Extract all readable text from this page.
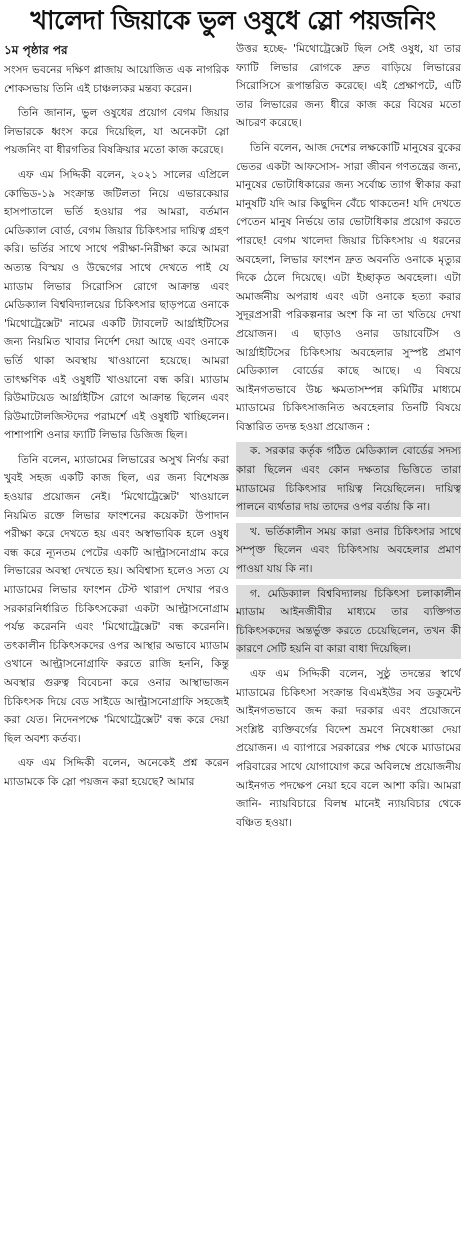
খালেদা জিয়াকে ভুল ওষুধে স্লো পয়জনিং
১ম পৃষ্ঠার পর

সংসদ ভবনের দক্ষিণ প্লাজায় আয়োজিত এক নাগরিক শোকসভায় তিনি এই চাঞ্চল্যকর মন্তব্য করেন।

তিনি জানান, ভুল ওষুধের প্রয়োগ বেগম জিয়ার লিভারকে ধ্বংস করে দিয়েছিল, যা অনেকটা স্লো পয়জনিং বা ধীরগতির বিষক্রিয়ার মতো কাজ করেছে।

এফ এম সিদ্দিকী বলেন, ২০২১ সালের এপ্রিলে কোভিড-১৯ সংক্রান্ত জটিলতা নিয়ে এভারকেয়ার হাসপাতালে ভর্তি হওয়ার পর আমরা, বর্তমান মেডিক্যাল বোর্ড, বেগম জিয়ার চিকিৎসার দায়িত্ব গ্রহণ করি। ভর্তির সাথে সাথে পরীক্ষা-নিরীক্ষা করে আমরা অত্যন্ত বিস্ময় ও উদ্বেগের সাথে দেখতে পাই যে ম্যাডাম লিভার সিরোসিস রোগে আক্রান্ত এবং মেডিক্যাল বিশ্ববিদ্যালয়ের চিকিৎসার ছাড়পত্রে ওনাকে 'মিথোট্রেক্সেট' নামের একটি ট্যাবলেট আর্থ্রাইটিসের জন্য নিয়মিত খাবার নির্দেশ দেয়া আছে এবং ওনাকে ভর্তি থাকা অবস্থায় খাওয়ানো হয়েছে। আমরা তাৎক্ষণিক এই ওষুধটি খাওয়ানো বন্ধ করি। ম্যাডাম রিউমাটয়েড আর্থ্রাইটিস রোগে আক্রান্ত ছিলেন এবং রিউমাটোলজিস্টদের পরামর্শে এই ওষুধটি খাচ্ছিলেন। পাশাপাশি ওনার ফ্যাটি লিভার ডিজিজ ছিল।

তিনি বলেন, ম্যাডামের লিভারের অসুখ নির্ণয় করা খুবই সহজ একটি কাজ ছিল, এর জন্য বিশেষজ্ঞ হওয়ার প্রয়োজন নেই। 'মিথোট্রেক্সেট' খাওয়ালে নিয়মিত রক্তে লিভার ফাংশনের কয়েকটা উপাদান পরীক্ষা করে দেখতে হয় এবং অস্বাভাবিক হলে ওষুধ বন্ধ করে ন্যূনতম পেটের একটি আল্ট্রাসনোগ্রাম করে লিভারের অবস্থা দেখতে হয়। অবিশ্বাস্য হলেও সত্য যে ম্যাডামের লিভার ফাংশন টেস্ট খারাপ দেখার পরও সরকারনির্ধারিত চিকিৎসকেরা একটা আল্ট্রাসনোগ্রাম পর্যন্ত করেননি এবং 'মিথোট্রেক্সেট' বন্ধ করেননি। তৎকালীন চিকিৎসকদের ওপর আস্থার অভাবে ম্যাডাম ওখানে আল্ট্রাসনোগ্রাফি করতে রাজি হননি, কিন্তু অবস্থার গুরুত্ব বিবেচনা করে ওনার আস্থাভাজন চিকিৎসক দিয়ে বেড সাইডে আল্ট্রাসনোগ্রাফি সহজেই করা যেত। নিদেনপক্ষে 'মিথোট্রেক্সেট' বন্ধ করে দেয়া ছিল অবশ্য কর্তব্য।

এফ এম সিদ্দিকী বলেন, অনেকেই প্রশ্ন করেন ম্যাডামকে কি স্লো পয়জন করা হয়েছে? আমার

উত্তর হচ্ছে- 'মিথোট্রেক্সেট ছিল সেই ওষুধ, যা তার ফ্যাটি লিভার রোগকে দ্রুত বাড়িয়ে লিভারের সিরোসিসে রূপান্তরিত করেছে। এই প্রেক্ষাপটে, এটি তার লিভারের জন্য ধীরে কাজ করে বিষের মতো আচরণ করেছে।

তিনি বলেন, আজ দেশের লক্ষকোটি মানুষের বুকের ভেতর একটা আফসোস- সারা জীবন গণতন্ত্রের জন্য, মানুষের ভোটাধিকারের জন্য সর্বোচ্চ ত্যাগ স্বীকার করা মানুষটি যদি আর কিছুদিন বেঁচে থাকতেন! যদি দেখতে পেতেন মানুষ নির্ভয়ে তার ভোটাধিকার প্রয়োগ করতে পারছে! বেগম খালেদা জিয়ার চিকিৎসায় এ ধরনের অবহেলা, লিভার ফাংশন দ্রুত অবনতি ওনাকে মৃত্যুর দিকে ঠেলে দিয়েছে। এটা ইচ্ছাকৃত অবহেলা। এটা অমার্জনীয় অপরাধ এবং এটা ওনাকে হত্যা করার সুদূরপ্রসারী পরিকল্পনার অংশ কি না তা খতিয়ে দেখা প্রয়োজন। এ ছাড়াও ওনার ডায়াবেটিস ও আর্থ্রাইটিসের চিকিৎসায় অবহেলার সুস্পষ্ট প্রমাণ মেডিক্যাল বোর্ডের কাছে আছে। এ বিষয়ে আইনগতভাবে উচ্চ ক্ষমতাসম্পন্ন কমিটির মাধ্যমে ম্যাডামের চিকিৎসাজনিত অবহেলার তিনটি বিষয়ে বিস্তারিত তদন্ত হওয়া প্রয়োজন :

ক. সরকার কর্তৃক গঠিত মেডিক্যাল বোর্ডের সদস্য কারা ছিলেন এবং কোন দক্ষতার ভিত্তিতে তারা ম্যাডামের চিকিৎসার দায়িত্ব নিয়েছিলেন। দায়িত্ব পালনে ব্যর্থতার দায় তাদের ওপর বর্তায় কি না।

খ. ভর্তিকালীন সময় কারা ওনার চিকিৎসার সাথে সম্পৃক্ত ছিলেন এবং চিকিৎসায় অবহেলার প্রমাণ পাওয়া যায় কি না।

গ. মেডিক্যাল বিশ্ববিদ্যালয় চিকিৎসা চলাকালীন ম্যাডাম আইনজীবীর মাধ্যমে তার ব্যক্তিগত চিকিৎসকদের অন্তর্ভুক্ত করতে চেয়েছিলেন, তখন কী কারণে সেটি হয়নি বা কারা বাধা দিয়েছিল।

এফ এম সিদ্দিকী বলেন, সুষ্ঠু তদন্তের স্বার্থে ম্যাডামের চিকিৎসা সংক্রান্ত বিএমইউর সব ডকুমেন্ট আইনগতভাবে জব্দ করা দরকার এবং প্রয়োজনে সংশ্লিষ্ট ব্যক্তিবর্গের বিদেশ ভ্রমণে নিষেধাজ্ঞা দেয়া প্রয়োজন। এ ব্যাপারে সরকারের পক্ষ থেকে ম্যাডামের পরিবারের সাথে যোগাযোগ করে অবিলম্বে প্রয়োজনীয় আইনগত পদক্ষেপ নেয়া হবে বলে আশা করি। আমরা জানি- ন্যায়বিচারে বিলম্ব মানেই ন্যায়বিচার থেকে বঞ্চিত হওয়া।
